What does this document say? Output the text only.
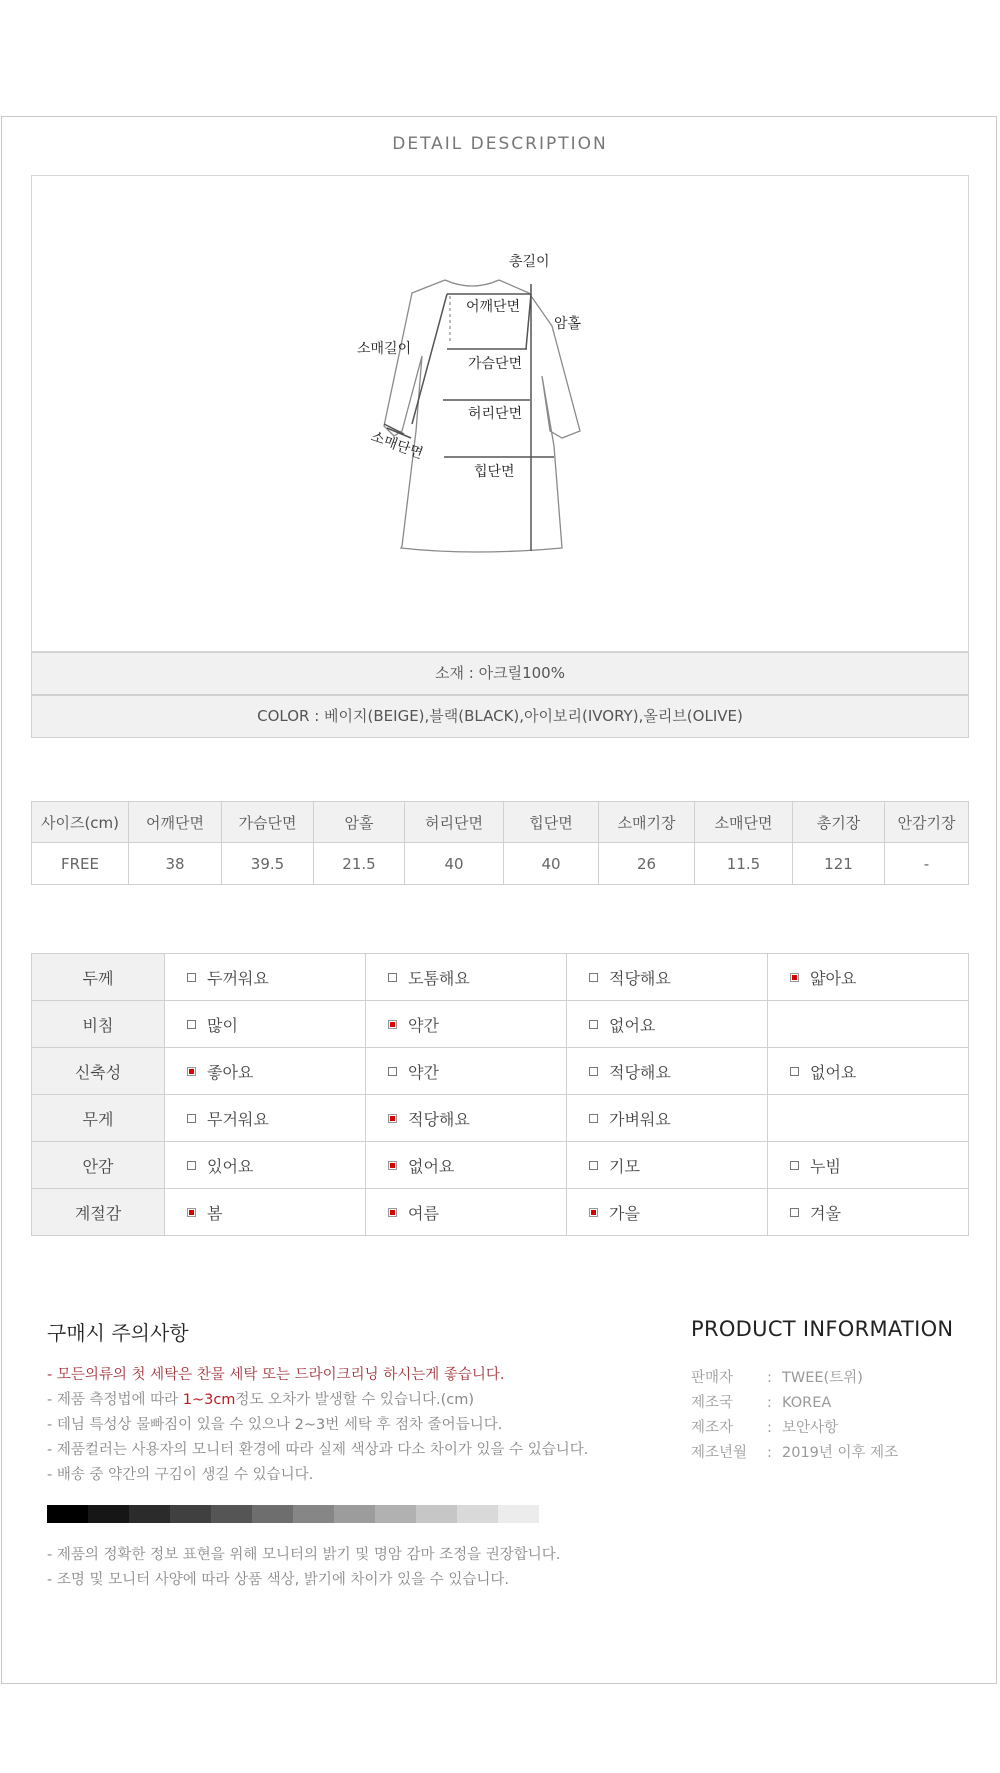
DETAIL DESCRIPTION
총길이
어깨단면
암홀
소매길이
가슴단면
허리단면
소매단면
힙단면
소재 : 아크릴100%
COLOR : 베이지(BEIGE),블랙(BLACK),아이보리(IVORY),올리브(OLIVE)
사이즈(cm)	어깨단면	가슴단면	암홀	허리단면	힙단면	소매기장	소매단면	총기장	안감기장
FREE	38	39.5	21.5	40	40	26	11.5	121	-
두께	두꺼워요	도톰해요	적당해요	얇아요

비침	많이	약간	없어요	

신축성	좋아요	약간	적당해요	없어요

무게	무거워요	적당해요	가벼워요	

안감	있어요	없어요	기모	누빔

계절감	봄	여름	가을	겨울
구매시 주의사항
- 모든의류의 첫 세탁은 찬물 세탁 또는 드라이크리닝 하시는게 좋습니다.
- 제품 측정법에 따라 1~3cm정도 오차가 발생할 수 있습니다.(cm)
- 데님 특성상 물빠짐이 있을 수 있으나 2~3번 세탁 후 점차 줄어듭니다.
- 제품컬러는 사용자의 모니터 환경에 따라 실제 색상과 다소 차이가 있을 수 있습니다.
- 배송 중 약간의 구김이 생길 수 있습니다.
- 제품의 정확한 정보 표현을 위해 모니터의 밝기 및 명암 감마 조정을 권장합니다.
- 조명 및 모니터 사양에 따라 상품 색상, 밝기에 차이가 있을 수 있습니다.
PRODUCT INFORMATION
판매자 : TWEE(트위)
제조국 : KOREA
제조자 : 보안사항
제조년월 : 2019년 이후 제조
